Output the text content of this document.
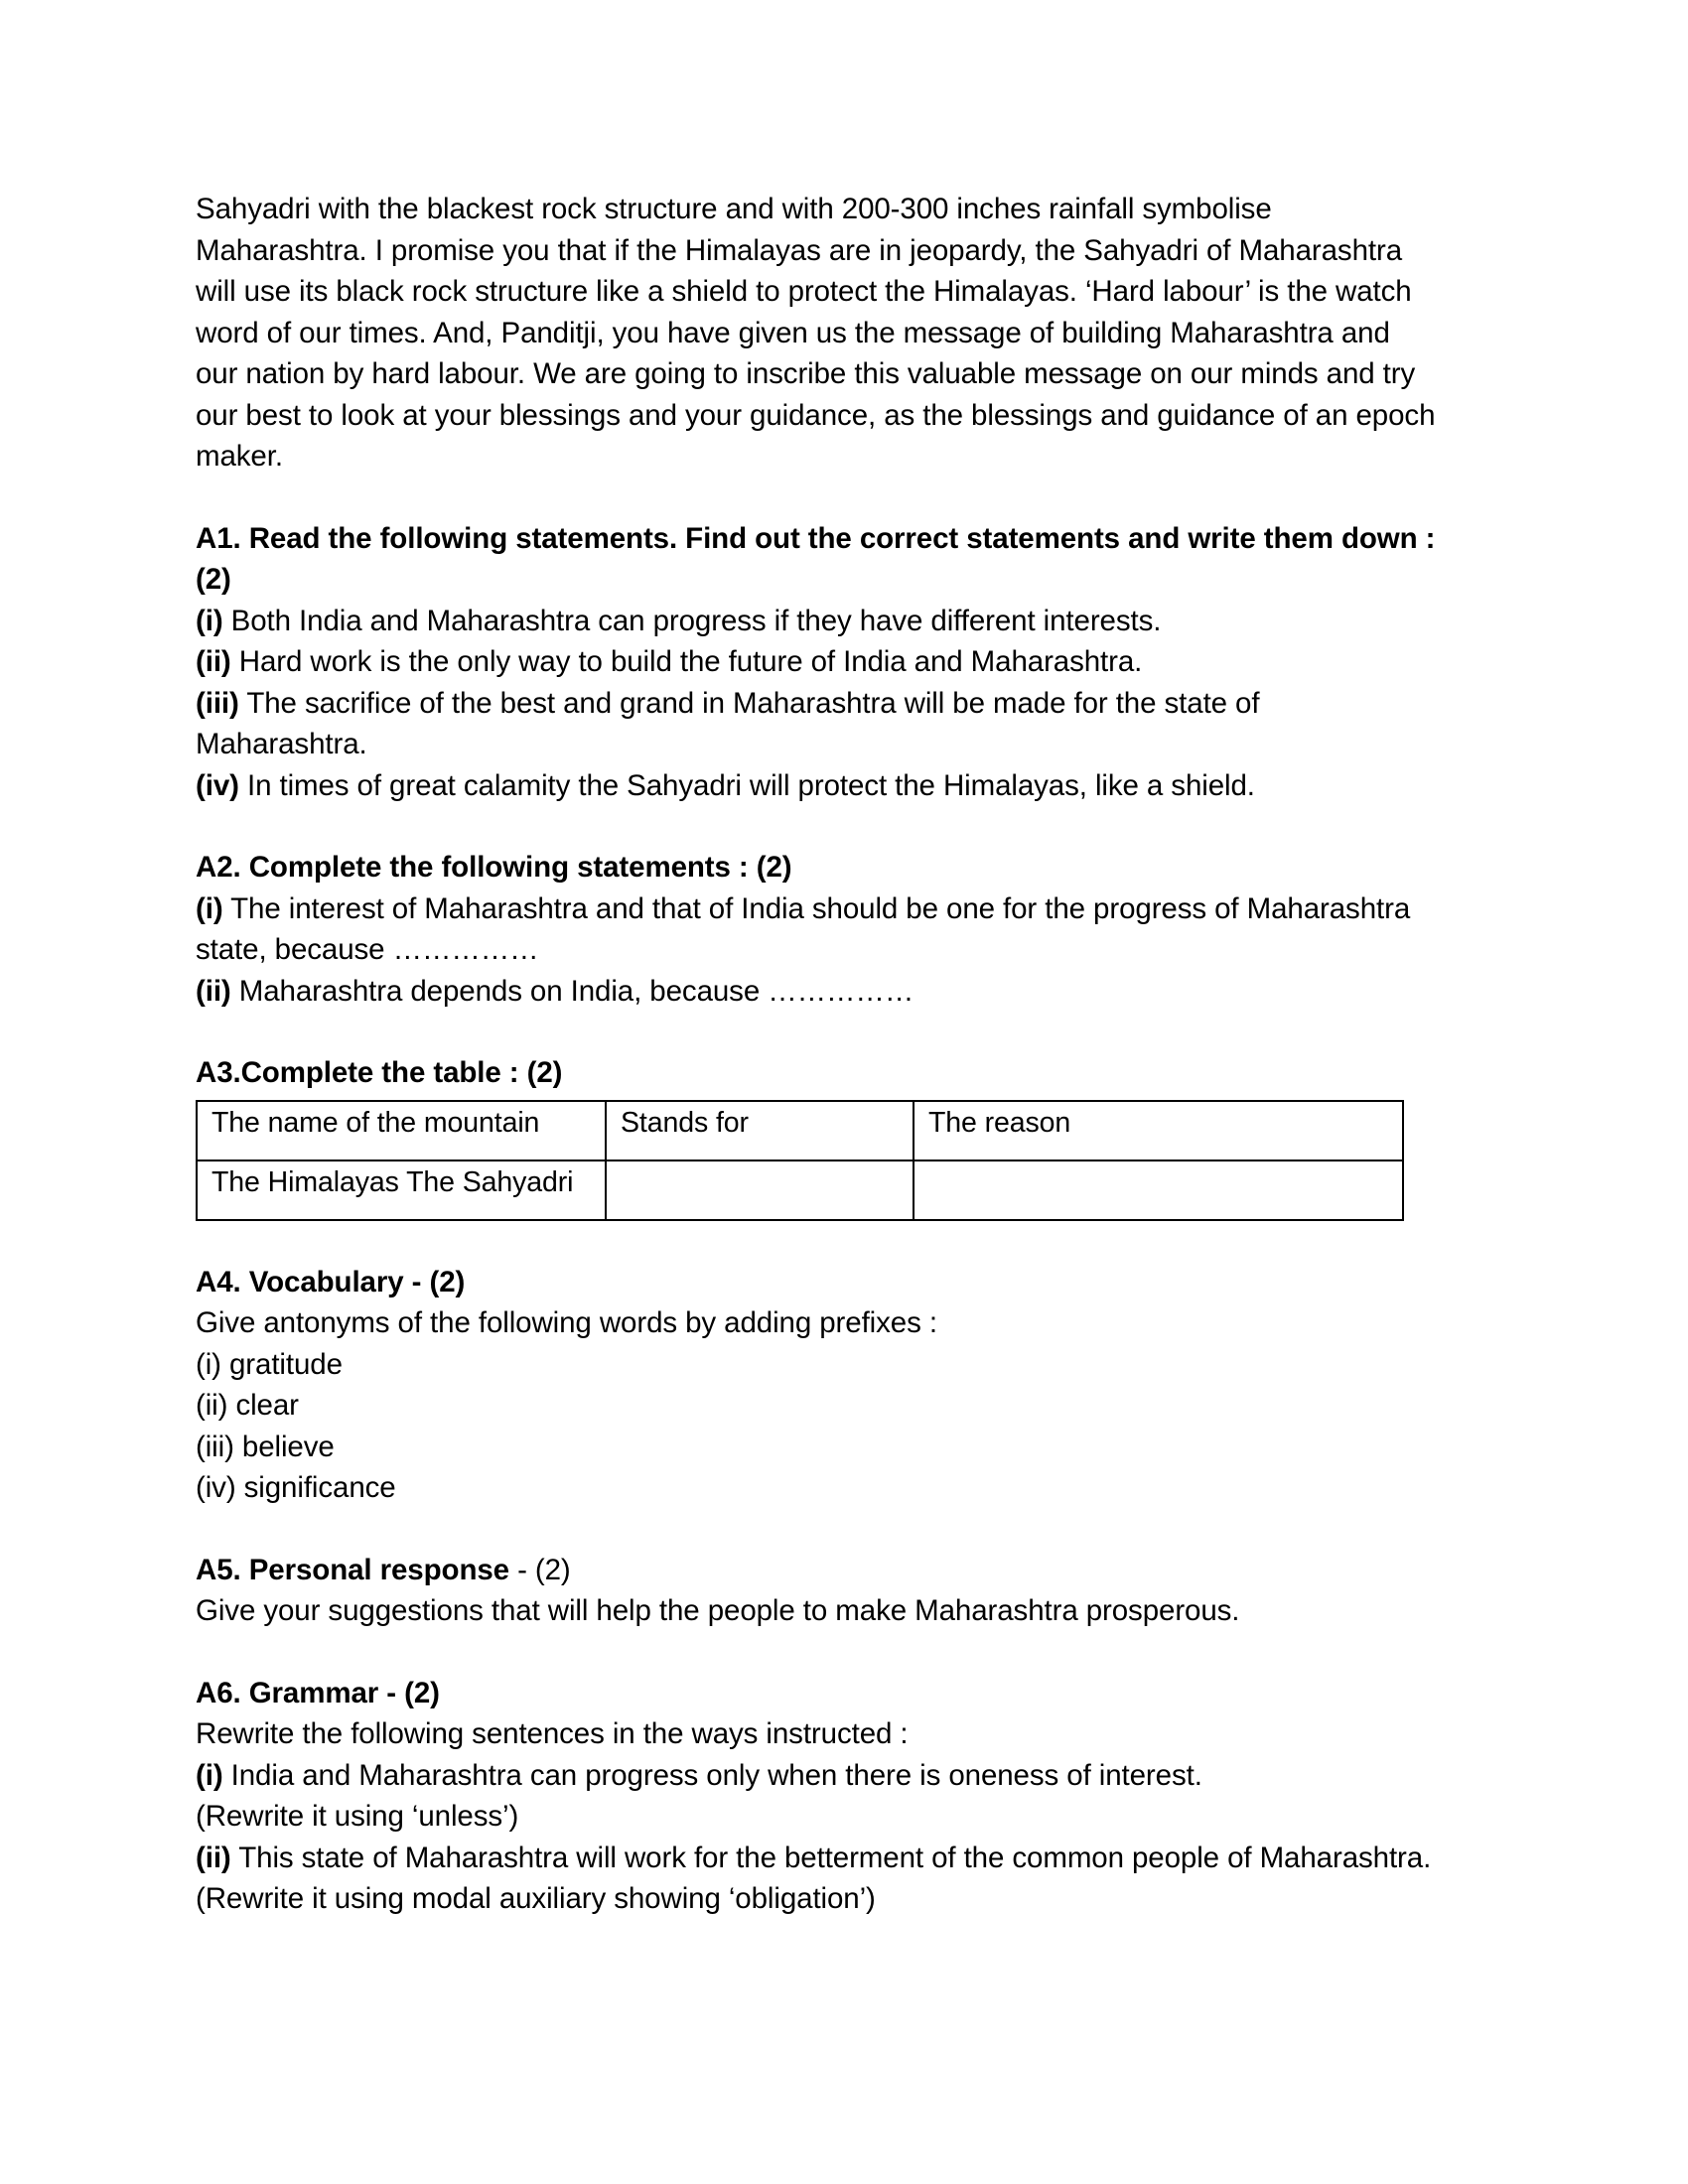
Sahyadri with the blackest rock structure and with 200-300 inches rainfall symbolise Maharashtra. I promise you that if the Himalayas are in jeopardy, the Sahyadri of Maharashtra will use its black rock structure like a shield to protect the Himalayas. ‘Hard labour’ is the watch word of our times. And, Panditji, you have given us the message of building Maharashtra and our nation by hard labour. We are going to inscribe this valuable message on our minds and try our best to look at your blessings and your guidance, as the blessings and guidance of an epoch maker.

A1. Read the following statements. Find out the correct statements and write them down : (2)
(i) Both India and Maharashtra can progress if they have different interests.
(ii) Hard work is the only way to build the future of India and Maharashtra.
(iii) The sacrifice of the best and grand in Maharashtra will be made for the state of Maharashtra.
(iv) In times of great calamity the Sahyadri will protect the Himalayas, like a shield.
A2. Complete the following statements : (2)
(i) The interest of Maharashtra and that of India should be one for the progress of Maharashtra state, because ……………
(ii) Maharashtra depends on India, because ……………
A3.Complete the table : (2)
The name of the mountain	Stands for	The reason
The Himalayas The Sahyadri		
A4. Vocabulary - (2)
Give antonyms of the following words by adding prefixes :
(i) gratitude
(ii) clear
(iii) believe
(iv) significance
A5. Personal response - (2)
Give your suggestions that will help the people to make Maharashtra prosperous.
A6. Grammar - (2)
Rewrite the following sentences in the ways instructed :
(i) India and Maharashtra can progress only when there is oneness of interest.
(Rewrite it using ‘unless’)
(ii) This state of Maharashtra will work for the betterment of the common people of Maharashtra.
(Rewrite it using modal auxiliary showing ‘obligation’)
